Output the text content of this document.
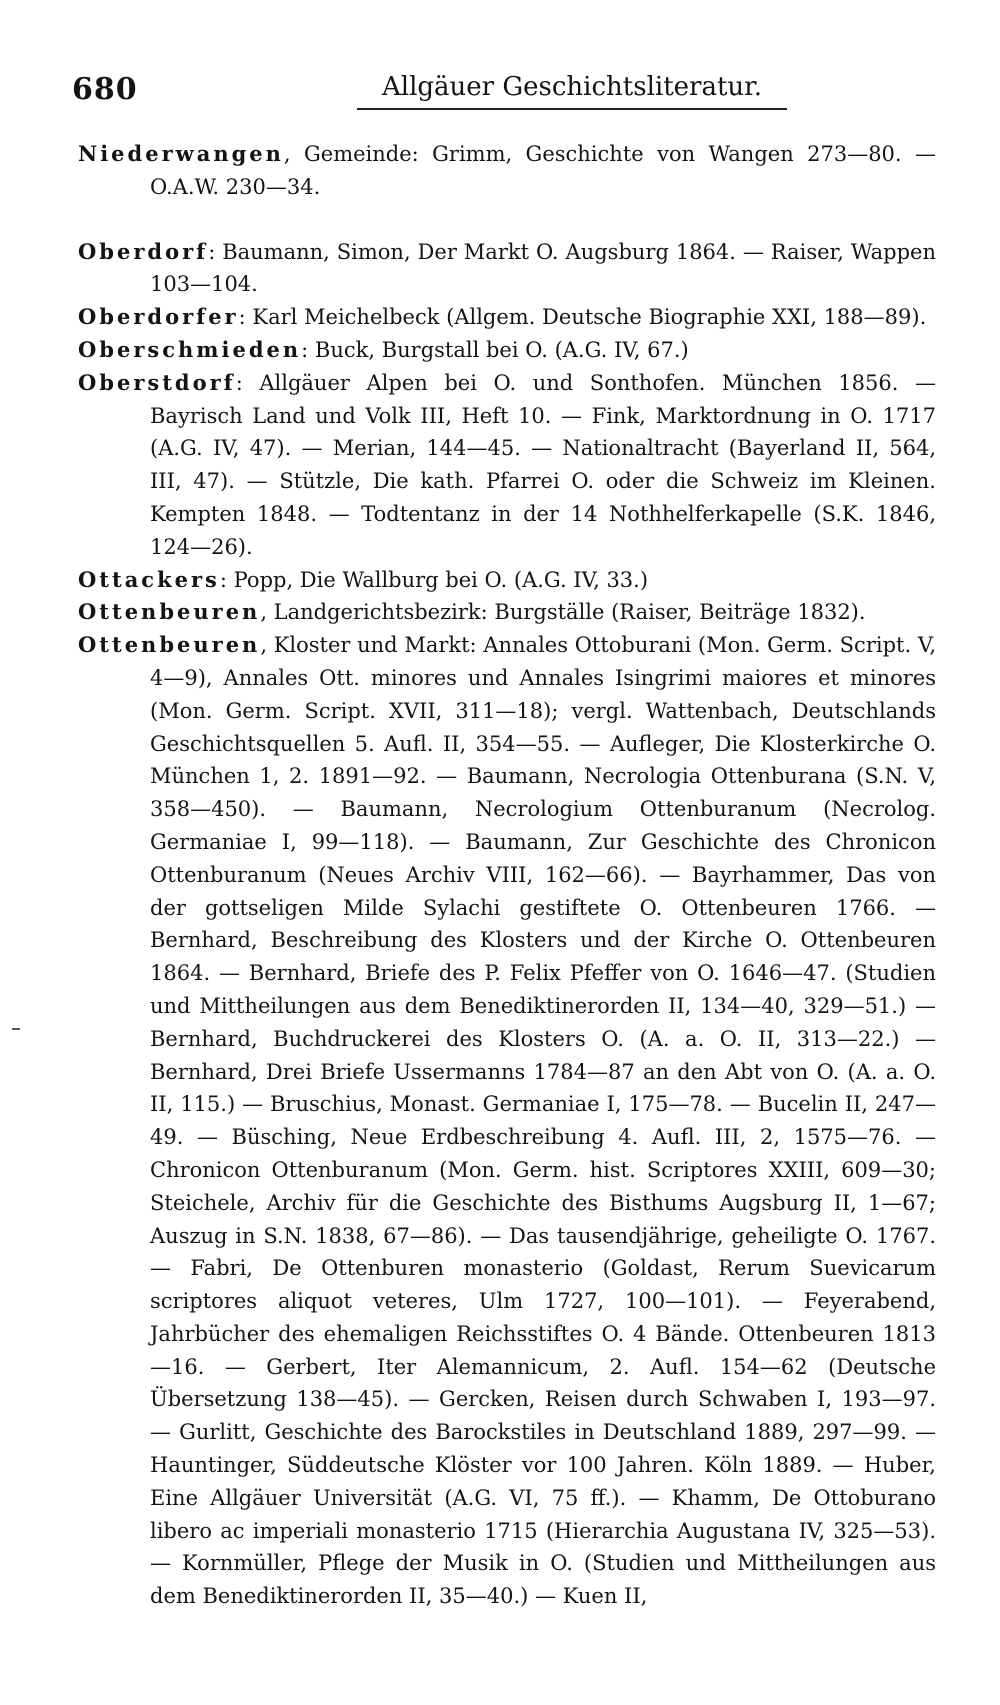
680	Allgäuer Geschichtsliteratur.

Niederwangen, Gemeinde: Grimm, Geschichte von Wangen 273—80. — O.A.W. 230—34.

Oberdorf: Baumann, Simon, Der Markt O. Augsburg 1864. — Raiser, Wappen 103—104.

Oberdorfer: Karl Meichelbeck (Allgem. Deutsche Biographie XXI, 188—89).

Oberschmieden: Buck, Burgstall bei O. (A.G. IV, 67.)

Oberstdorf: Allgäuer Alpen bei O. und Sonthofen. München 1856. — Bayrisch Land und Volk III, Heft 10. — Fink, Marktordnung in O. 1717 (A.G. IV, 47). — Merian, 144—45. — Nationaltracht (Bayerland II, 564, III, 47). — Stützle, Die kath. Pfarrei O. oder die Schweiz im Kleinen. Kempten 1848. — Todtentanz in der 14 Nothhelferkapelle (S.K. 1846, 124—26).

Ottackers: Popp, Die Wallburg bei O. (A.G. IV, 33.)

Ottenbeuren, Landgerichtsbezirk: Burgställe (Raiser, Beiträge 1832).

Ottenbeuren, Kloster und Markt: Annales Ottoburani (Mon. Germ. Script. V, 4—9), Annales Ott. minores und Annales Isingrimi maiores et minores (Mon. Germ. Script. XVII, 311—18); vergl. Wattenbach, Deutschlands Geschichtsquellen 5. Aufl. II, 354—55. — Aufleger, Die Klosterkirche O. München 1, 2. 1891—92. — Baumann, Necrologia Ottenburana (S.N. V, 358—450). — Baumann, Necrologium Ottenburanum (Necrolog. Germaniae I, 99—118). — Baumann, Zur Geschichte des Chronicon Ottenburanum (Neues Archiv VIII, 162—66). — Bayrhammer, Das von der gottseligen Milde Sylachi gestiftete O. Ottenbeuren 1766. — Bernhard, Beschreibung des Klosters und der Kirche O. Ottenbeuren 1864. — Bernhard, Briefe des P. Felix Pfeffer von O. 1646—47. (Studien und Mittheilungen aus dem Benediktinerorden II, 134—40, 329—51.) — Bernhard, Buchdruckerei des Klosters O. (A. a. O. II, 313—22.) — Bernhard, Drei Briefe Ussermanns 1784—87 an den Abt von O. (A. a. O. II, 115.) — Bruschius, Monast. Germaniae I, 175—78. — Bucelin II, 247—49. — Büsching, Neue Erdbeschreibung 4. Aufl. III, 2, 1575—76. — Chronicon Ottenburanum (Mon. Germ. hist. Scriptores XXIII, 609—30; Steichele, Archiv für die Geschichte des Bisthums Augsburg II, 1—67; Auszug in S.N. 1838, 67—86). — Das tausendjährige, geheiligte O. 1767. — Fabri, De Ottenburen monasterio (Goldast, Rerum Suevicarum scriptores aliquot veteres, Ulm 1727, 100—101). — Feyerabend, Jahrbücher des ehemaligen Reichsstiftes O. 4 Bände. Ottenbeuren 1813—16. — Gerbert, Iter Alemannicum, 2. Aufl. 154—62 (Deutsche Übersetzung 138—45). — Gercken, Reisen durch Schwaben I, 193—97. — Gurlitt, Geschichte des Barockstiles in Deutschland 1889, 297—99. — Hauntinger, Süddeutsche Klöster vor 100 Jahren. Köln 1889. — Huber, Eine Allgäuer Universität (A.G. VI, 75 ff.). — Khamm, De Ottoburano libero ac imperiali monasterio 1715 (Hierarchia Augustana IV, 325—53). — Kornmüller, Pflege der Musik in O. (Studien und Mittheilungen aus dem Benediktinerorden II, 35—40.) — Kuen II,
